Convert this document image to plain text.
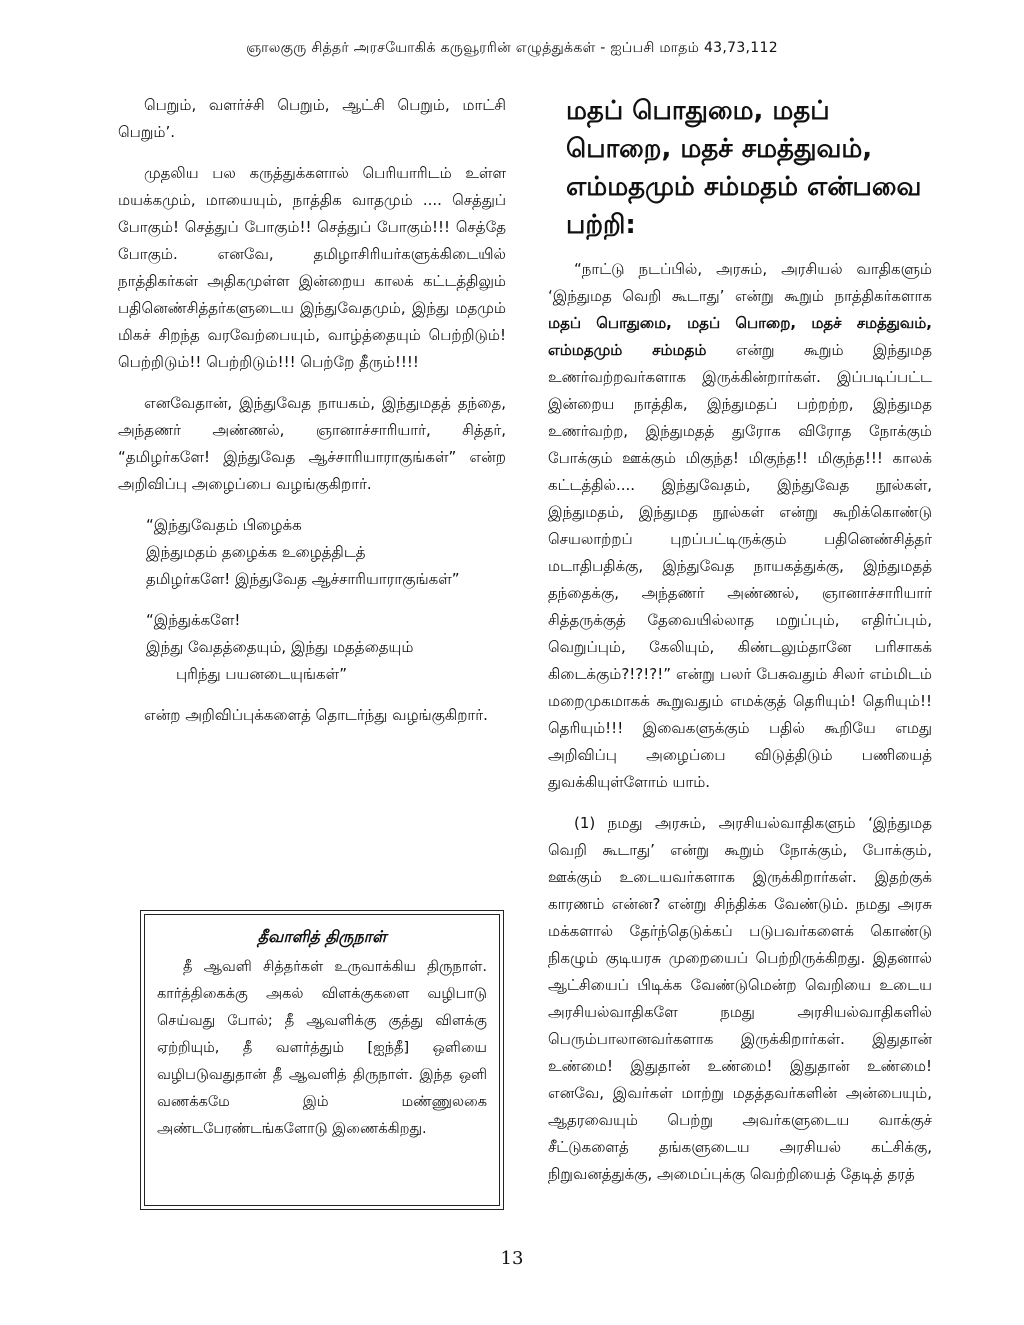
ஞாலகுரு சித்தர் அரசயோகிக் கருவூரரின் எழுத்துக்கள் - ஐப்பசி மாதம் 43,73,112

பெறும், வளர்ச்சி பெறும், ஆட்சி பெறும், மாட்சி பெறும்’.

முதலிய பல கருத்துக்களால் பெரியாரிடம் உள்ள மயக்கமும், மாயையும், நாத்திக வாதமும் .... செத்துப் போகும்! செத்துப் போகும்!! செத்துப் போகும்!!! செத்தே போகும். எனவே, தமிழாசிரியர்களுக்கிடையில் நாத்திகர்கள் அதிகமுள்ள இன்றைய காலக் கட்டத்திலும் பதினெண்சித்தர்களுடைய இந்துவேதமும், இந்து மதமும் மிகச் சிறந்த வரவேற்பையும், வாழ்த்தையும் பெற்றிடும்! பெற்றிடும்!! பெற்றிடும்!!! பெற்றே தீரும்!!!!

எனவேதான், இந்துவேத நாயகம், இந்துமதத் தந்தை, அந்தணர் அண்ணல், ஞானாச்சாரியார், சித்தர், “தமிழர்களே! இந்துவேத ஆச்சாரியாராகுங்கள்” என்ற அறிவிப்பு அழைப்பை வழங்குகிறார்.

“இந்துவேதம் பிழைக்க
இந்துமதம் தழைக்க உழைத்திடத்
தமிழர்களே! இந்துவேத ஆச்சாரியாராகுங்கள்”
“இந்துக்களே!
இந்து வேதத்தையும், இந்து மதத்தையும்
புரிந்து பயனடையுங்கள்”

என்ற அறிவிப்புக்களைத் தொடர்ந்து வழங்குகிறார்.

தீவாளித் திருநாள்

தீ ஆவளி சித்தர்கள் உருவாக்கிய திருநாள். கார்த்திகைக்கு அகல் விளக்குகளை வழிபாடு செய்வது போல்; தீ ஆவளிக்கு குத்து விளக்கு ஏற்றியும், தீ வளர்த்தும் [ஐந்தீ] ஒளியை வழிபடுவதுதான் தீ ஆவளித் திருநாள். இந்த ஒளி வணக்கமே இம் மண்ணுலகை அண்டபேரண்டங்களோடு இணைக்கிறது.

மதப் பொதுமை, மதப் பொறை, மதச் சமத்துவம், எம்மதமும் சம்மதம் என்பவை பற்றி:

“நாட்டு நடப்பில், அரசும், அரசியல் வாதிகளும் ‘இந்துமத வெறி கூடாது’ என்று கூறும் நாத்திகர்களாக மதப் பொதுமை, மதப் பொறை, மதச் சமத்துவம், எம்மதமும் சம்மதம் என்று கூறும் இந்துமத உணர்வற்றவர்களாக இருக்கின்றார்கள். இப்படிப்பட்ட இன்றைய நாத்திக, இந்துமதப் பற்றற்ற, இந்துமத உணர்வற்ற, இந்துமதத் துரோக விரோத நோக்கும் போக்கும் ஊக்கும் மிகுந்த! மிகுந்த!! மிகுந்த!!! காலக் கட்டத்தில்.... இந்துவேதம், இந்துவேத நூல்கள், இந்துமதம், இந்துமத நூல்கள் என்று கூறிக்கொண்டு செயலாற்றப் புறப்பட்டிருக்கும் பதினெண்சித்தர் மடாதிபதிக்கு, இந்துவேத நாயகத்துக்கு, இந்துமதத் தந்தைக்கு, அந்தணர் அண்ணல், ஞானாச்சாரியார் சித்தருக்குத் தேவையில்லாத மறுப்பும், எதிர்ப்பும், வெறுப்பும், கேலியும், கிண்டலும்தானே பரிசாகக் கிடைக்கும்?!?!?!” என்று பலர் பேசுவதும் சிலர் எம்மிடம் மறைமுகமாகக் கூறுவதும் எமக்குத் தெரியும்! தெரியும்!! தெரியும்!!! இவைகளுக்கும் பதில் கூறியே எமது அறிவிப்பு அழைப்பை விடுத்திடும் பணியைத் துவக்கியுள்ளோம் யாம்.

(1) நமது அரசும், அரசியல்வாதிகளும் ‘இந்துமத வெறி கூடாது’ என்று கூறும் நோக்கும், போக்கும், ஊக்கும் உடையவர்களாக இருக்கிறார்கள். இதற்குக் காரணம் என்ன? என்று சிந்திக்க வேண்டும். நமது அரசு மக்களால் தேர்ந்தெடுக்கப் படுபவர்களைக் கொண்டு நிகழும் குடியரசு முறையைப் பெற்றிருக்கிறது. இதனால் ஆட்சியைப் பிடிக்க வேண்டுமென்ற வெறியை உடைய அரசியல்வாதிகளே நமது அரசியல்வாதிகளில் பெரும்பாலானவர்களாக இருக்கிறார்கள். இதுதான் உண்மை! இதுதான் உண்மை! இதுதான் உண்மை! எனவே, இவர்கள் மாற்று மதத்தவர்களின் அன்பையும், ஆதரவையும் பெற்று அவர்களுடைய வாக்குச் சீட்டுகளைத் தங்களுடைய அரசியல் கட்சிக்கு, நிறுவனத்துக்கு, அமைப்புக்கு வெற்றியைத் தேடித் தரத்

13
